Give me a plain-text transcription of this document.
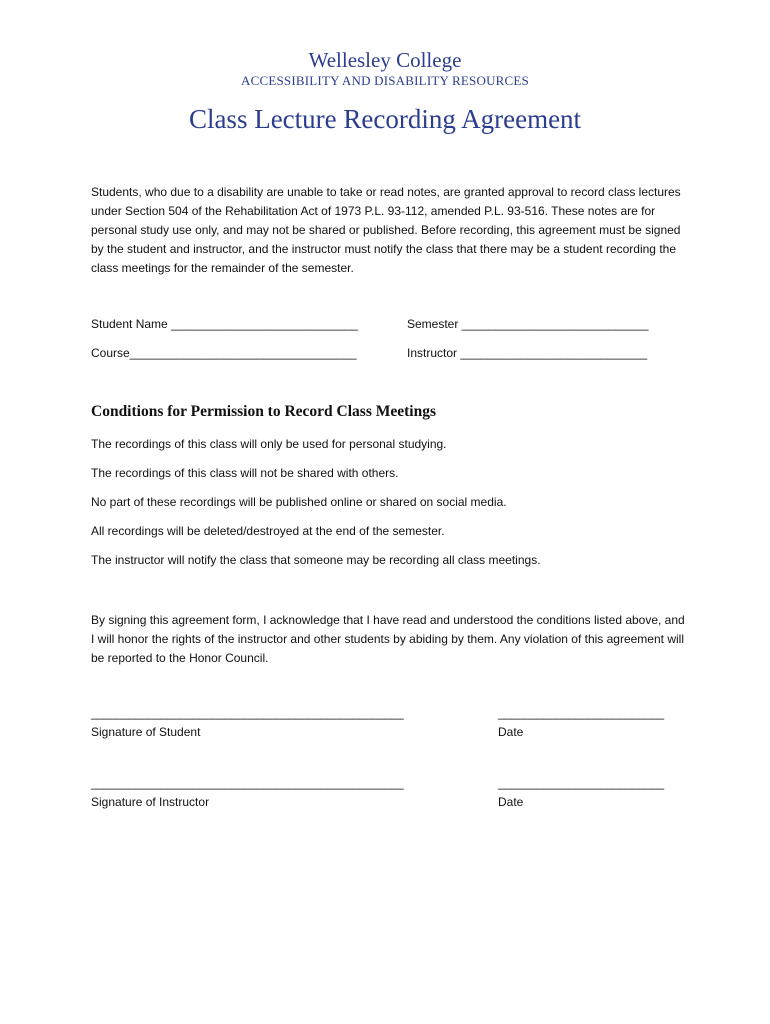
Wellesley College
ACCESSIBILITY AND DISABILITY RESOURCES
Class Lecture Recording Agreement

Students, who due to a disability are unable to take or read notes, are granted approval to record class lectures under Section 504 of the Rehabilitation Act of 1973 P.L. 93-112, amended P.L. 93-516. These notes are for personal study use only, and may not be shared or published. Before recording, this agreement must be signed by the student and instructor, and the instructor must notify the class that there may be a student recording the class meetings for the remainder of the semester.

Student Name ____________________________	Semester ____________________________
Course__________________________________	Instructor ____________________________
Conditions for Permission to Record Class Meetings
The recordings of this class will only be used for personal studying.
The recordings of this class will not be shared with others.
No part of these recordings will be published online or shared on social media.
All recordings will be deleted/destroyed at the end of the semester.
The instructor will notify the class that someone may be recording all class meetings.

By signing this agreement form, I acknowledge that I have read and understood the conditions listed above, and I will honor the rights of the instructor and other students by abiding by them. Any violation of this agreement will be reported to the Honor Council.

_________________________________________________	__________________________
Signature of Student	Date
_________________________________________________	__________________________
Signature of Instructor	Date
